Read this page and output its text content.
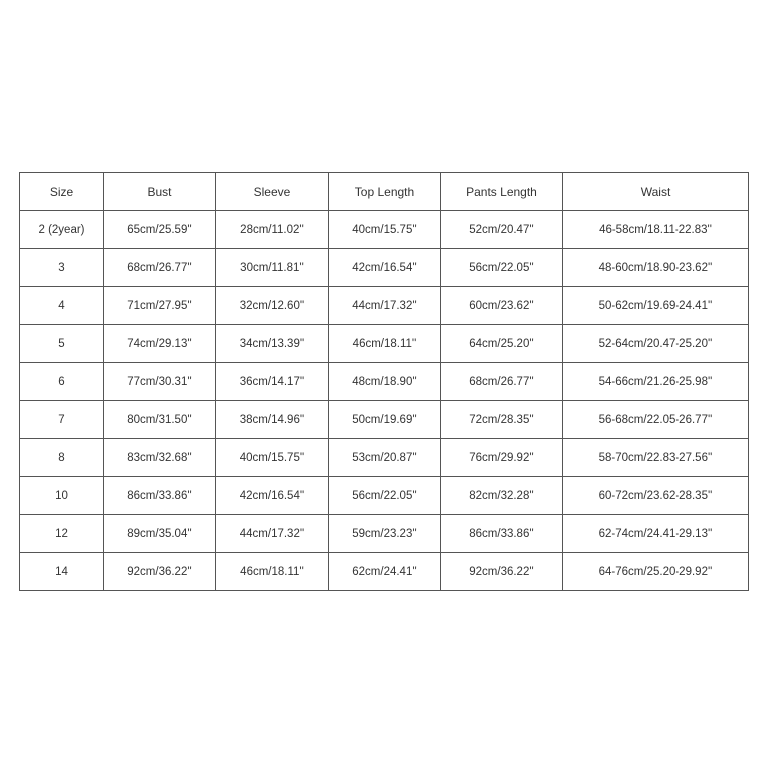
Size	Bust	Sleeve	Top Length	Pants Length	Waist
2 (2year)	65cm/25.59''	28cm/11.02''	40cm/15.75''	52cm/20.47''	46-58cm/18.11-22.83''
3	68cm/26.77''	30cm/11.81''	42cm/16.54''	56cm/22.05''	48-60cm/18.90-23.62''
4	71cm/27.95''	32cm/12.60''	44cm/17.32''	60cm/23.62''	50-62cm/19.69-24.41''
5	74cm/29.13''	34cm/13.39''	46cm/18.11''	64cm/25.20''	52-64cm/20.47-25.20''
6	77cm/30.31''	36cm/14.17''	48cm/18.90''	68cm/26.77''	54-66cm/21.26-25.98''
7	80cm/31.50''	38cm/14.96''	50cm/19.69''	72cm/28.35''	56-68cm/22.05-26.77''
8	83cm/32.68''	40cm/15.75''	53cm/20.87''	76cm/29.92''	58-70cm/22.83-27.56''
10	86cm/33.86''	42cm/16.54''	56cm/22.05''	82cm/32.28''	60-72cm/23.62-28.35''
12	89cm/35.04''	44cm/17.32''	59cm/23.23''	86cm/33.86''	62-74cm/24.41-29.13''
14	92cm/36.22''	46cm/18.11''	62cm/24.41''	92cm/36.22''	64-76cm/25.20-29.92''
